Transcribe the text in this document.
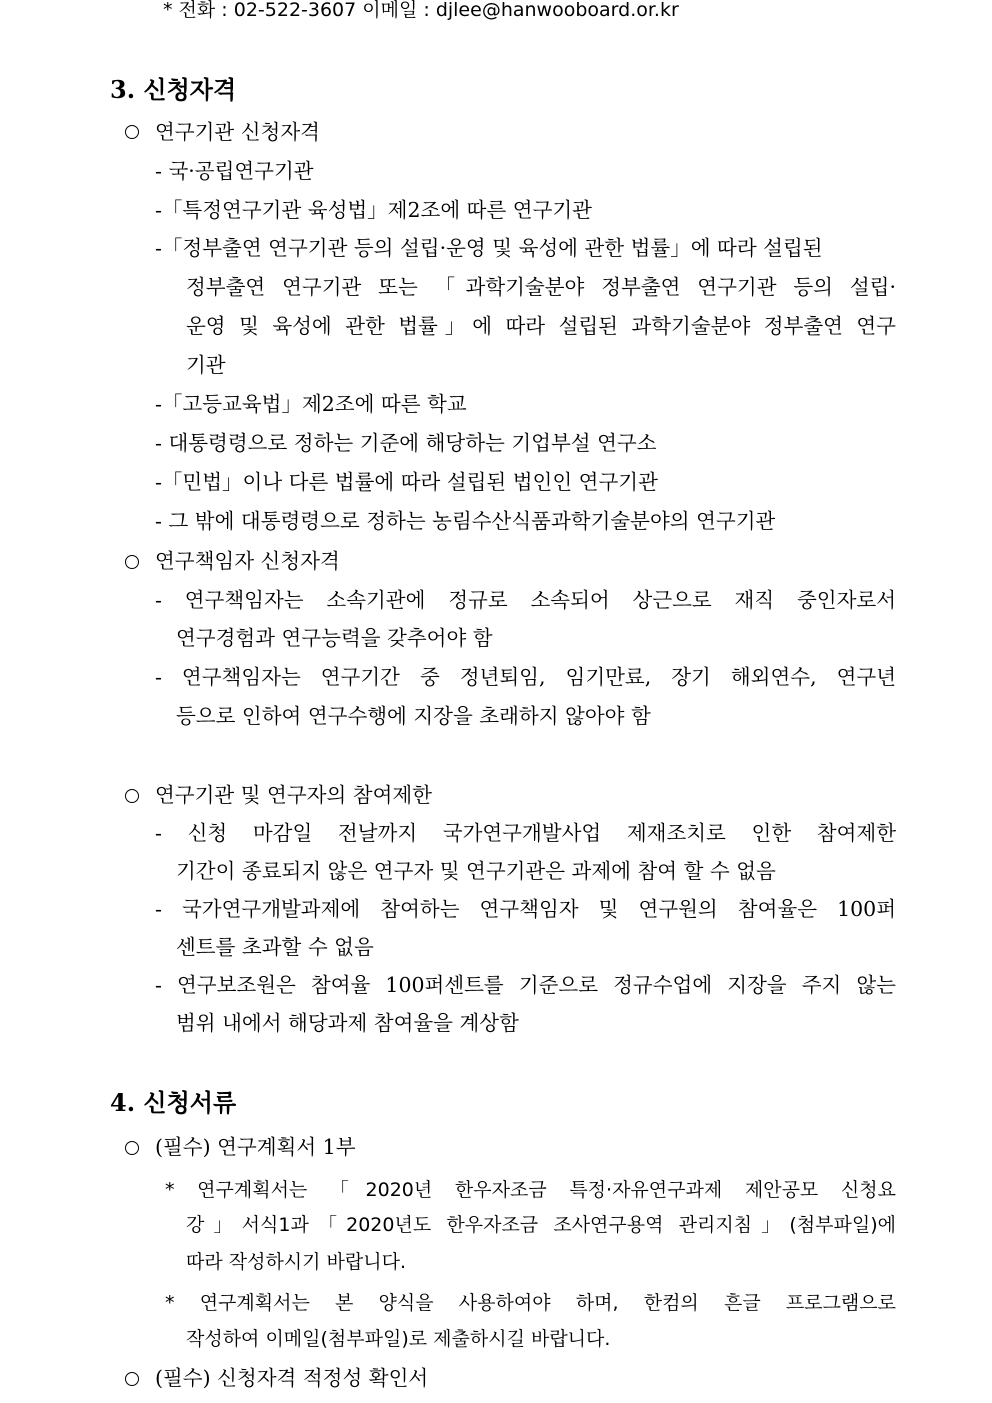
* 전화 : 02-522-3607 이메일 : djlee@hanwooboard.or.kr
3. 신청자격
연구기관 신청자격
- 국·공립연구기관
-「특정연구기관 육성법」제2조에 따른 연구기관
-「정부출연 연구기관 등의 설립·운영 및 육성에 관한 법률」에 따라 설립된
정부출연 연구기관 또는 「과학기술분야 정부출연 연구기관 등의 설립·
운영 및 육성에 관한 법률」에 따라 설립된 과학기술분야 정부출연 연구
기관
-「고등교육법」제2조에 따른 학교
- 대통령령으로 정하는 기준에 해당하는 기업부설 연구소
-「민법」이나 다른 법률에 따라 설립된 법인인 연구기관
- 그 밖에 대통령령으로 정하는 농림수산식품과학기술분야의 연구기관
연구책임자 신청자격
- 연구책임자는 소속기관에 정규로 소속되어 상근으로 재직 중인자로서
연구경험과 연구능력을 갖추어야 함
- 연구책임자는 연구기간 중 정년퇴임, 임기만료, 장기 해외연수, 연구년
등으로 인하여 연구수행에 지장을 초래하지 않아야 함
연구기관 및 연구자의 참여제한
- 신청 마감일 전날까지 국가연구개발사업 제재조치로 인한 참여제한
기간이 종료되지 않은 연구자 및 연구기관은 과제에 참여 할 수 없음
- 국가연구개발과제에 참여하는 연구책임자 및 연구원의 참여율은 100퍼
센트를 초과할 수 없음
- 연구보조원은 참여율 100퍼센트를 기준으로 정규수업에 지장을 주지 않는
범위 내에서 해당과제 참여율을 계상함
4. 신청서류
(필수) 연구계획서 1부
* 연구계획서는 「2020년 한우자조금 특정·자유연구과제 제안공모 신청요
강」서식1과「2020년도 한우자조금 조사연구용역 관리지침」(첨부파일)에
따라 작성하시기 바랍니다.
* 연구계획서는 본 양식을 사용하여야 하며, 한컴의 흔글 프로그램으로
작성하여 이메일(첨부파일)로 제출하시길 바랍니다.
(필수) 신청자격 적정성 확인서
